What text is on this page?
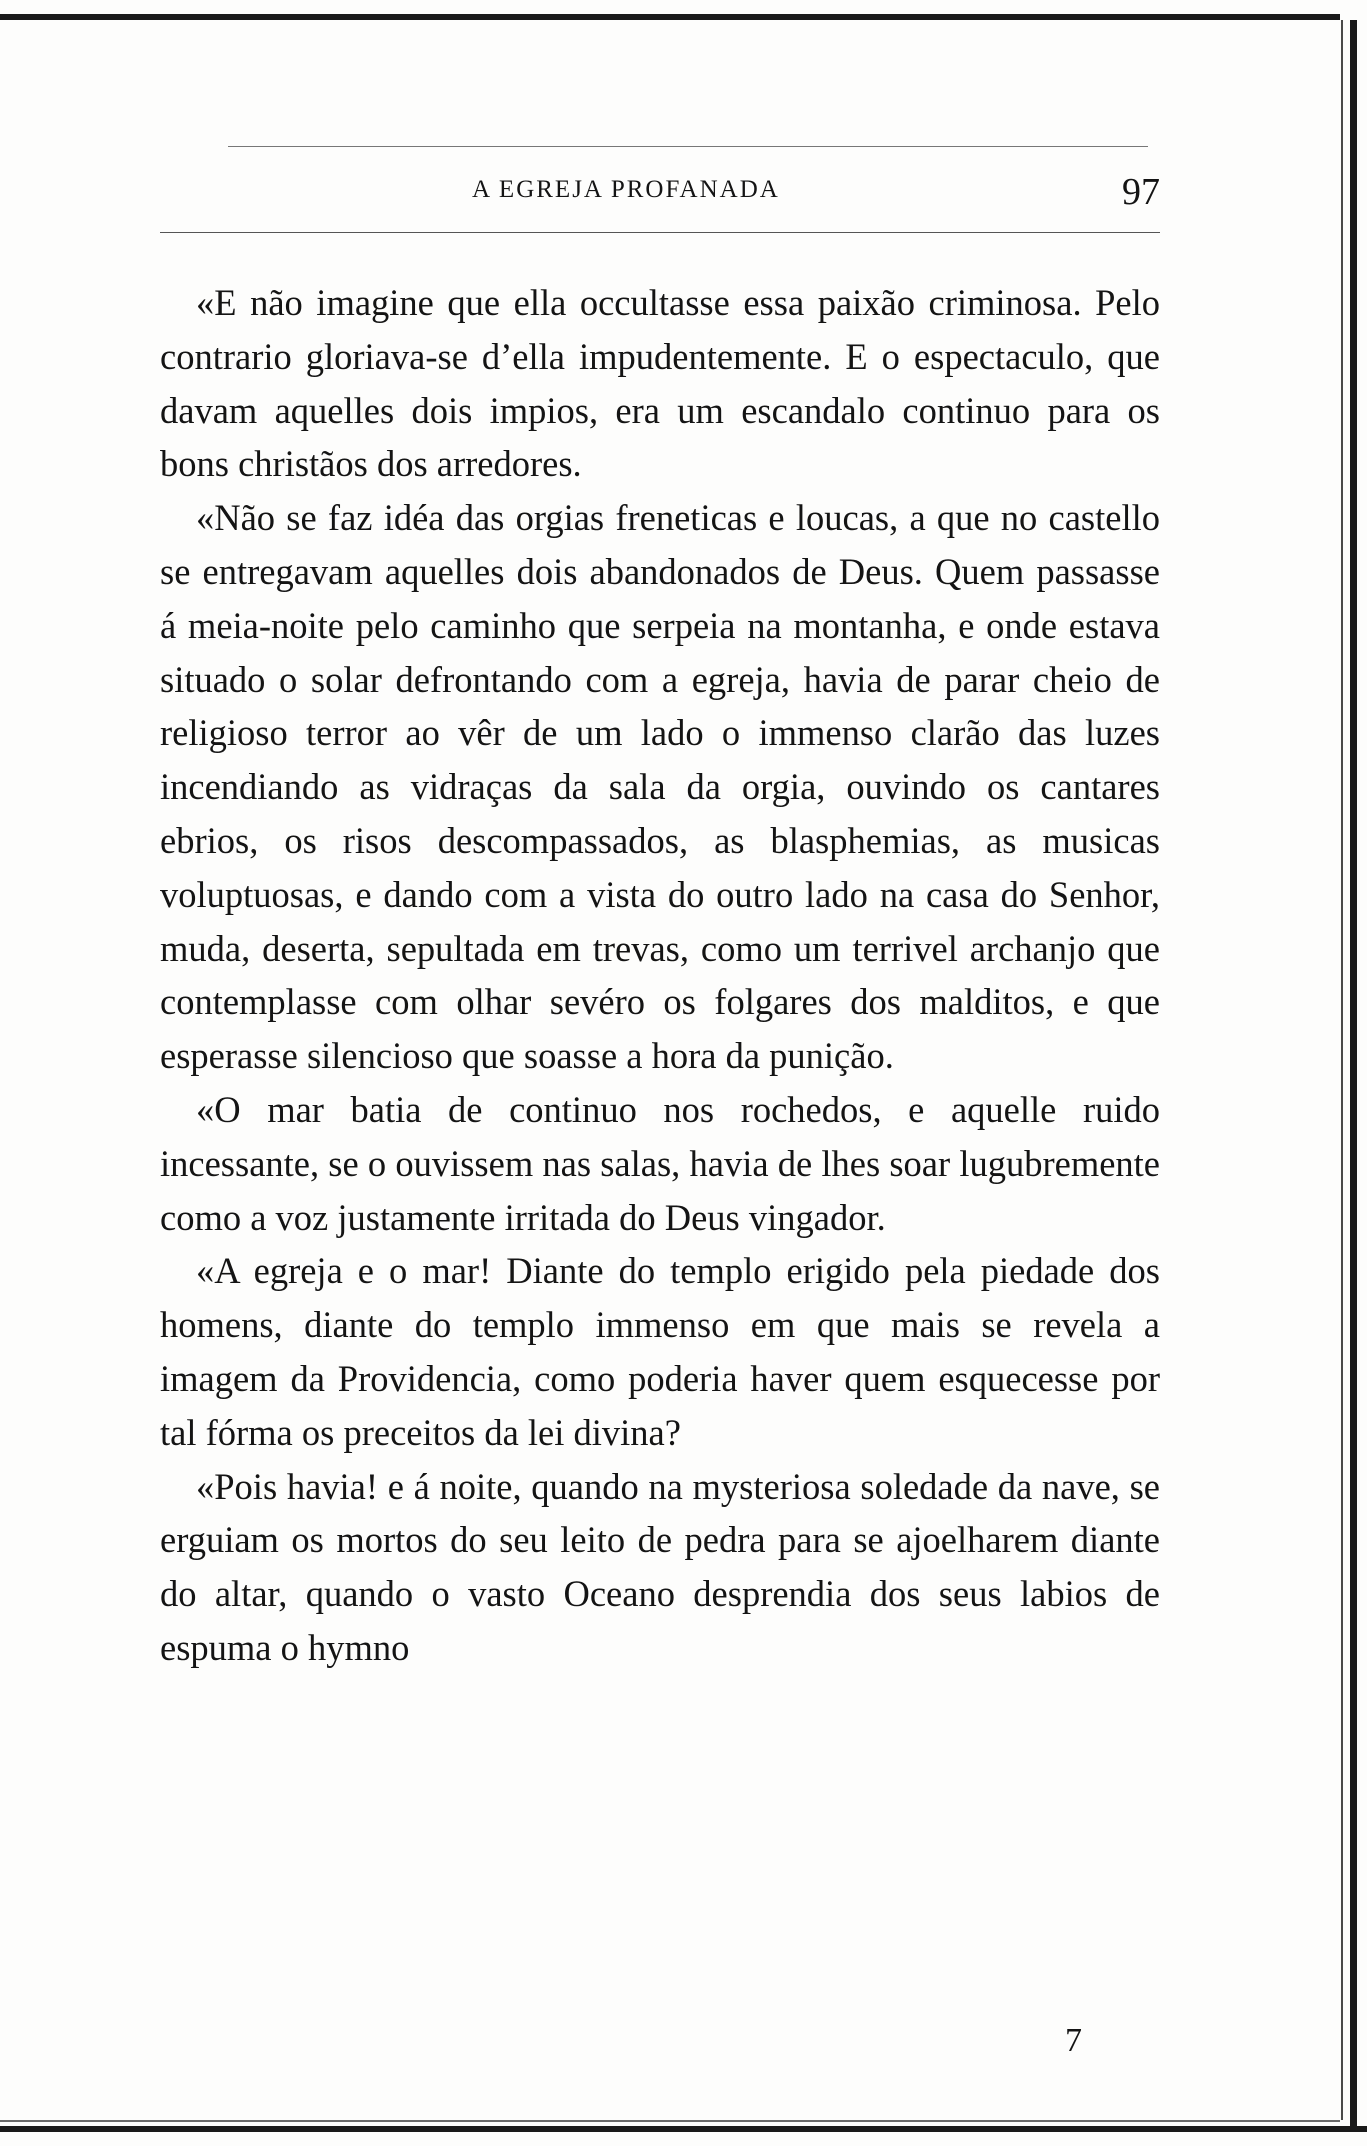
A EGREJA PROFANADA	97

«E não imagine que ella occultasse essa paixão criminosa. Pelo contrario gloriava-se d’ella impudentemente. E o espectaculo, que davam aquelles dois impios, era um escandalo continuo para os bons christãos dos arredores.

«Não se faz idéa das orgias freneticas e loucas, a que no castello se entregavam aquelles dois abandonados de Deus. Quem passasse á meia-noite pelo caminho que serpeia na montanha, e onde estava situado o solar defrontando com a egreja, havia de parar cheio de religioso terror ao vêr de um lado o immenso clarão das luzes incendiando as vidraças da sala da orgia, ouvindo os cantares ebrios, os risos descompassados, as blasphemias, as musicas voluptuosas, e dando com a vista do outro lado na casa do Senhor, muda, deserta, sepultada em trevas, como um terrivel archanjo que contemplasse com olhar sevéro os folgares dos malditos, e que esperasse silencioso que soasse a hora da punição.

«O mar batia de continuo nos rochedos, e aquelle ruido incessante, se o ouvissem nas salas, havia de lhes soar lugubremente como a voz justamente irritada do Deus vingador.

«A egreja e o mar! Diante do templo erigido pela piedade dos homens, diante do templo immenso em que mais se revela a imagem da Providencia, como poderia haver quem esquecesse por tal fórma os preceitos da lei divina?

«Pois havia! e á noite, quando na mysteriosa soledade da nave, se erguiam os mortos do seu leito de pedra para se ajoelharem diante do altar, quando o vasto Oceano desprendia dos seus labios de espuma o hymno

7
